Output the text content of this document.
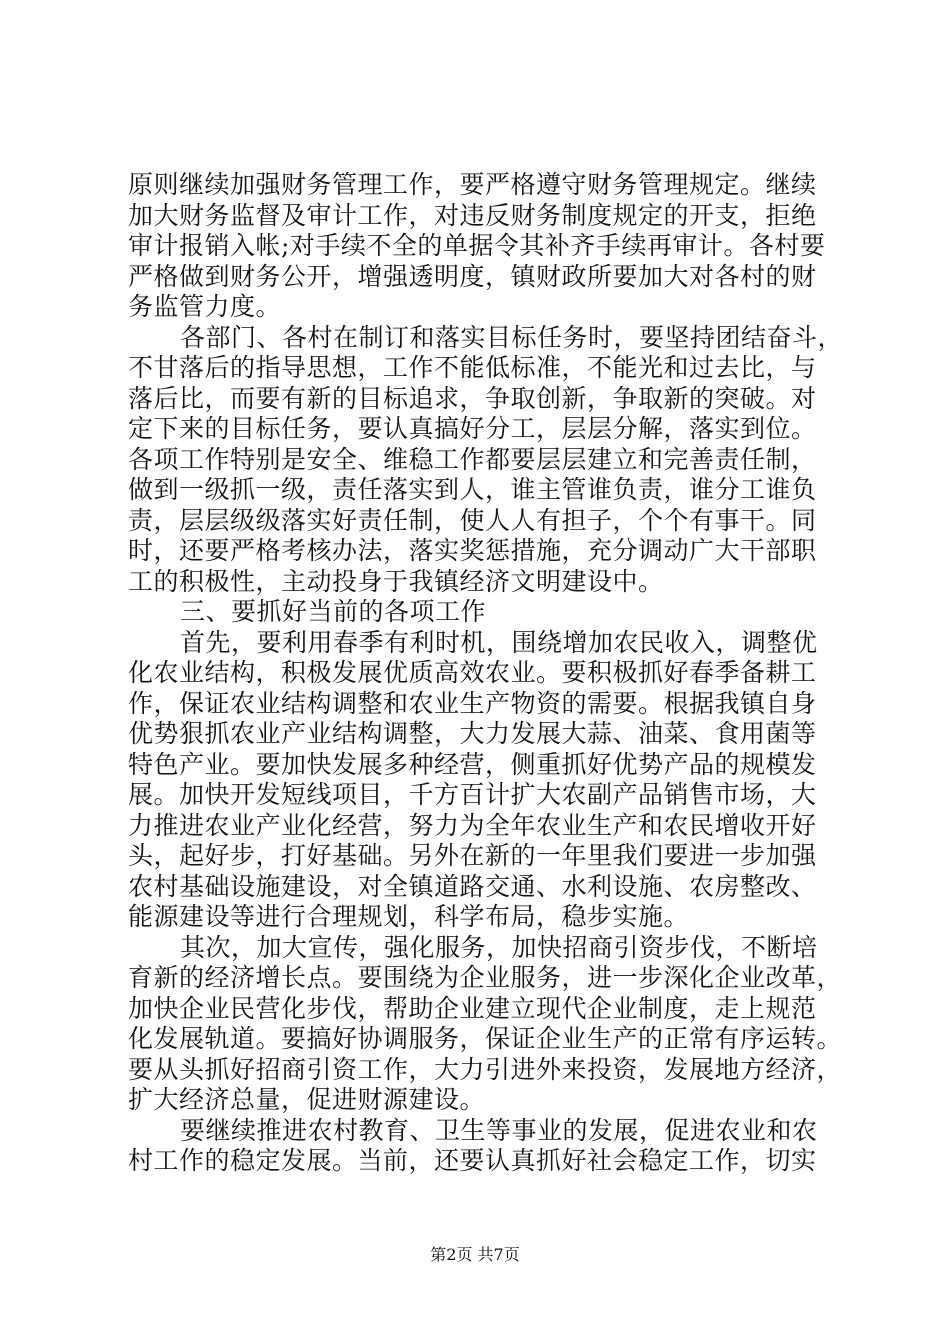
原则继续加强财务管理工作，要严格遵守财务管理规定。继续
加大财务监督及审计工作，对违反财务制度规定的开支，拒绝
审计报销入帐;对手续不全的单据令其补齐手续再审计。各村要
严格做到财务公开，增强透明度，镇财政所要加大对各村的财
务监管力度。
各部门、各村在制订和落实目标任务时，要坚持团结奋斗，
不甘落后的指导思想，工作不能低标准，不能光和过去比，与
落后比，而要有新的目标追求，争取创新，争取新的突破。对
定下来的目标任务，要认真搞好分工，层层分解，落实到位。
各项工作特别是安全、维稳工作都要层层建立和完善责任制，
做到一级抓一级，责任落实到人，谁主管谁负责，谁分工谁负
责，层层级级落实好责任制，使人人有担子，个个有事干。同
时，还要严格考核办法，落实奖惩措施，充分调动广大干部职
工的积极性，主动投身于我镇经济文明建设中。
三、要抓好当前的各项工作
首先，要利用春季有利时机，围绕增加农民收入，调整优
化农业结构，积极发展优质高效农业。要积极抓好春季备耕工
作，保证农业结构调整和农业生产物资的需要。根据我镇自身
优势狠抓农业产业结构调整，大力发展大蒜、油菜、食用菌等
特色产业。要加快发展多种经营，侧重抓好优势产品的规模发
展。加快开发短线项目，千方百计扩大农副产品销售市场，大
力推进农业产业化经营，努力为全年农业生产和农民增收开好
头，起好步，打好基础。另外在新的一年里我们要进一步加强
农村基础设施建设，对全镇道路交通、水利设施、农房整改、
能源建设等进行合理规划，科学布局，稳步实施。
其次，加大宣传，强化服务，加快招商引资步伐，不断培
育新的经济增长点。要围绕为企业服务，进一步深化企业改革，
加快企业民营化步伐，帮助企业建立现代企业制度，走上规范
化发展轨道。要搞好协调服务，保证企业生产的正常有序运转。
要从头抓好招商引资工作，大力引进外来投资，发展地方经济，
扩大经济总量，促进财源建设。
要继续推进农村教育、卫生等事业的发展，促进农业和农
村工作的稳定发展。当前，还要认真抓好社会稳定工作，切实
第2页 共7页
